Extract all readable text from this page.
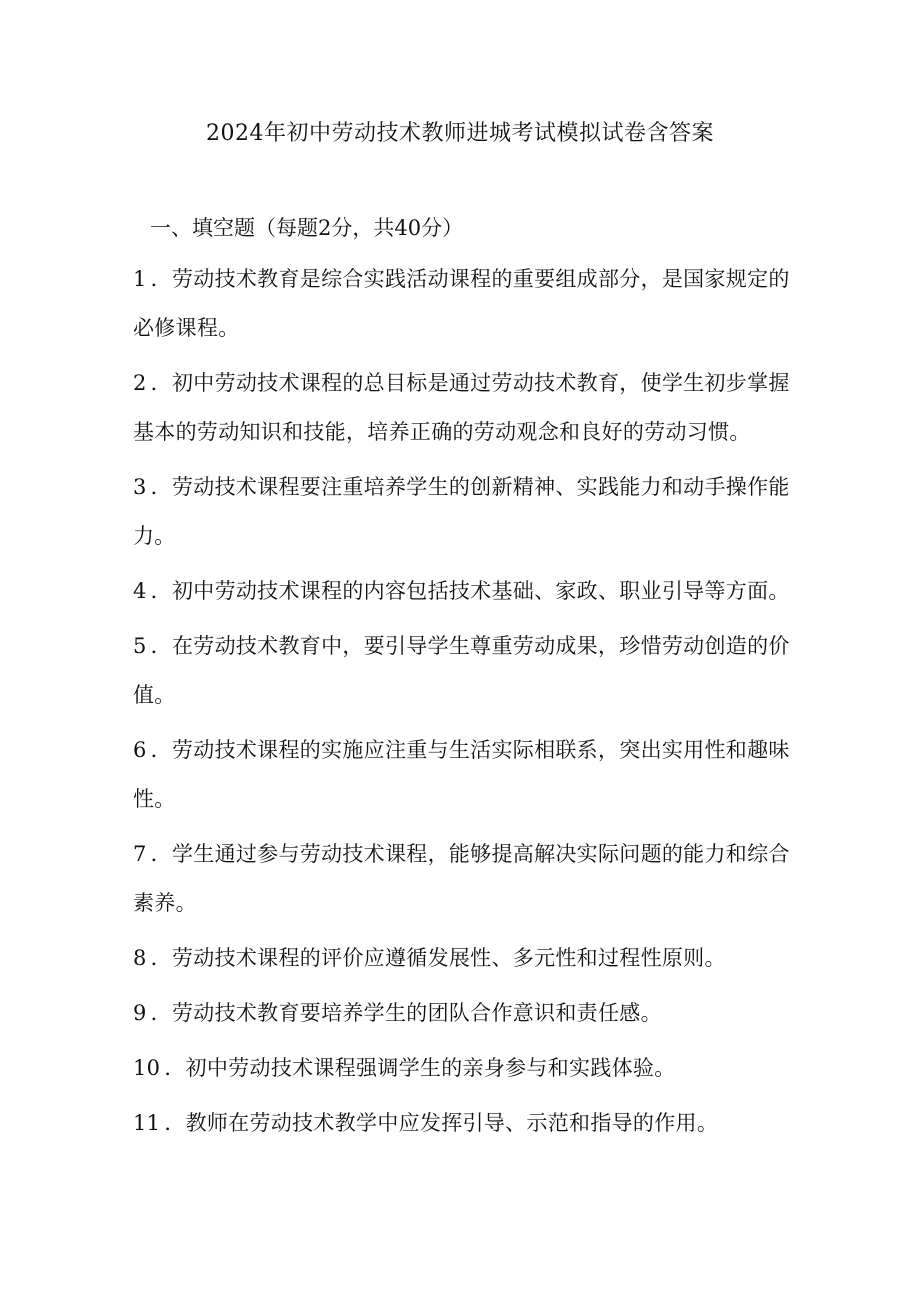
2024年初中劳动技术教师进城考试模拟试卷含答案
一、填空题（每题2分，共40分）
1 ．劳动技术教育是综合实践活动课程的重要组成部分，是国家规定的必修课程。
2 ．初中劳动技术课程的总目标是通过劳动技术教育，使学生初步掌握基本的劳动知识和技能，培养正确的劳动观念和良好的劳动习惯。
3 ．劳动技术课程要注重培养学生的创新精神、实践能力和动手操作能力。
4 ．初中劳动技术课程的内容包括技术基础、家政、职业引导等方面。
5 ．在劳动技术教育中，要引导学生尊重劳动成果，珍惜劳动创造的价值。
6 ．劳动技术课程的实施应注重与生活实际相联系，突出实用性和趣味性。
7 ．学生通过参与劳动技术课程，能够提高解决实际问题的能力和综合素养。
8 ．劳动技术课程的评价应遵循发展性、多元性和过程性原则。
9 ．劳动技术教育要培养学生的团队合作意识和责任感。
10 ．初中劳动技术课程强调学生的亲身参与和实践体验。
11 ．教师在劳动技术教学中应发挥引导、示范和指导的作用。
